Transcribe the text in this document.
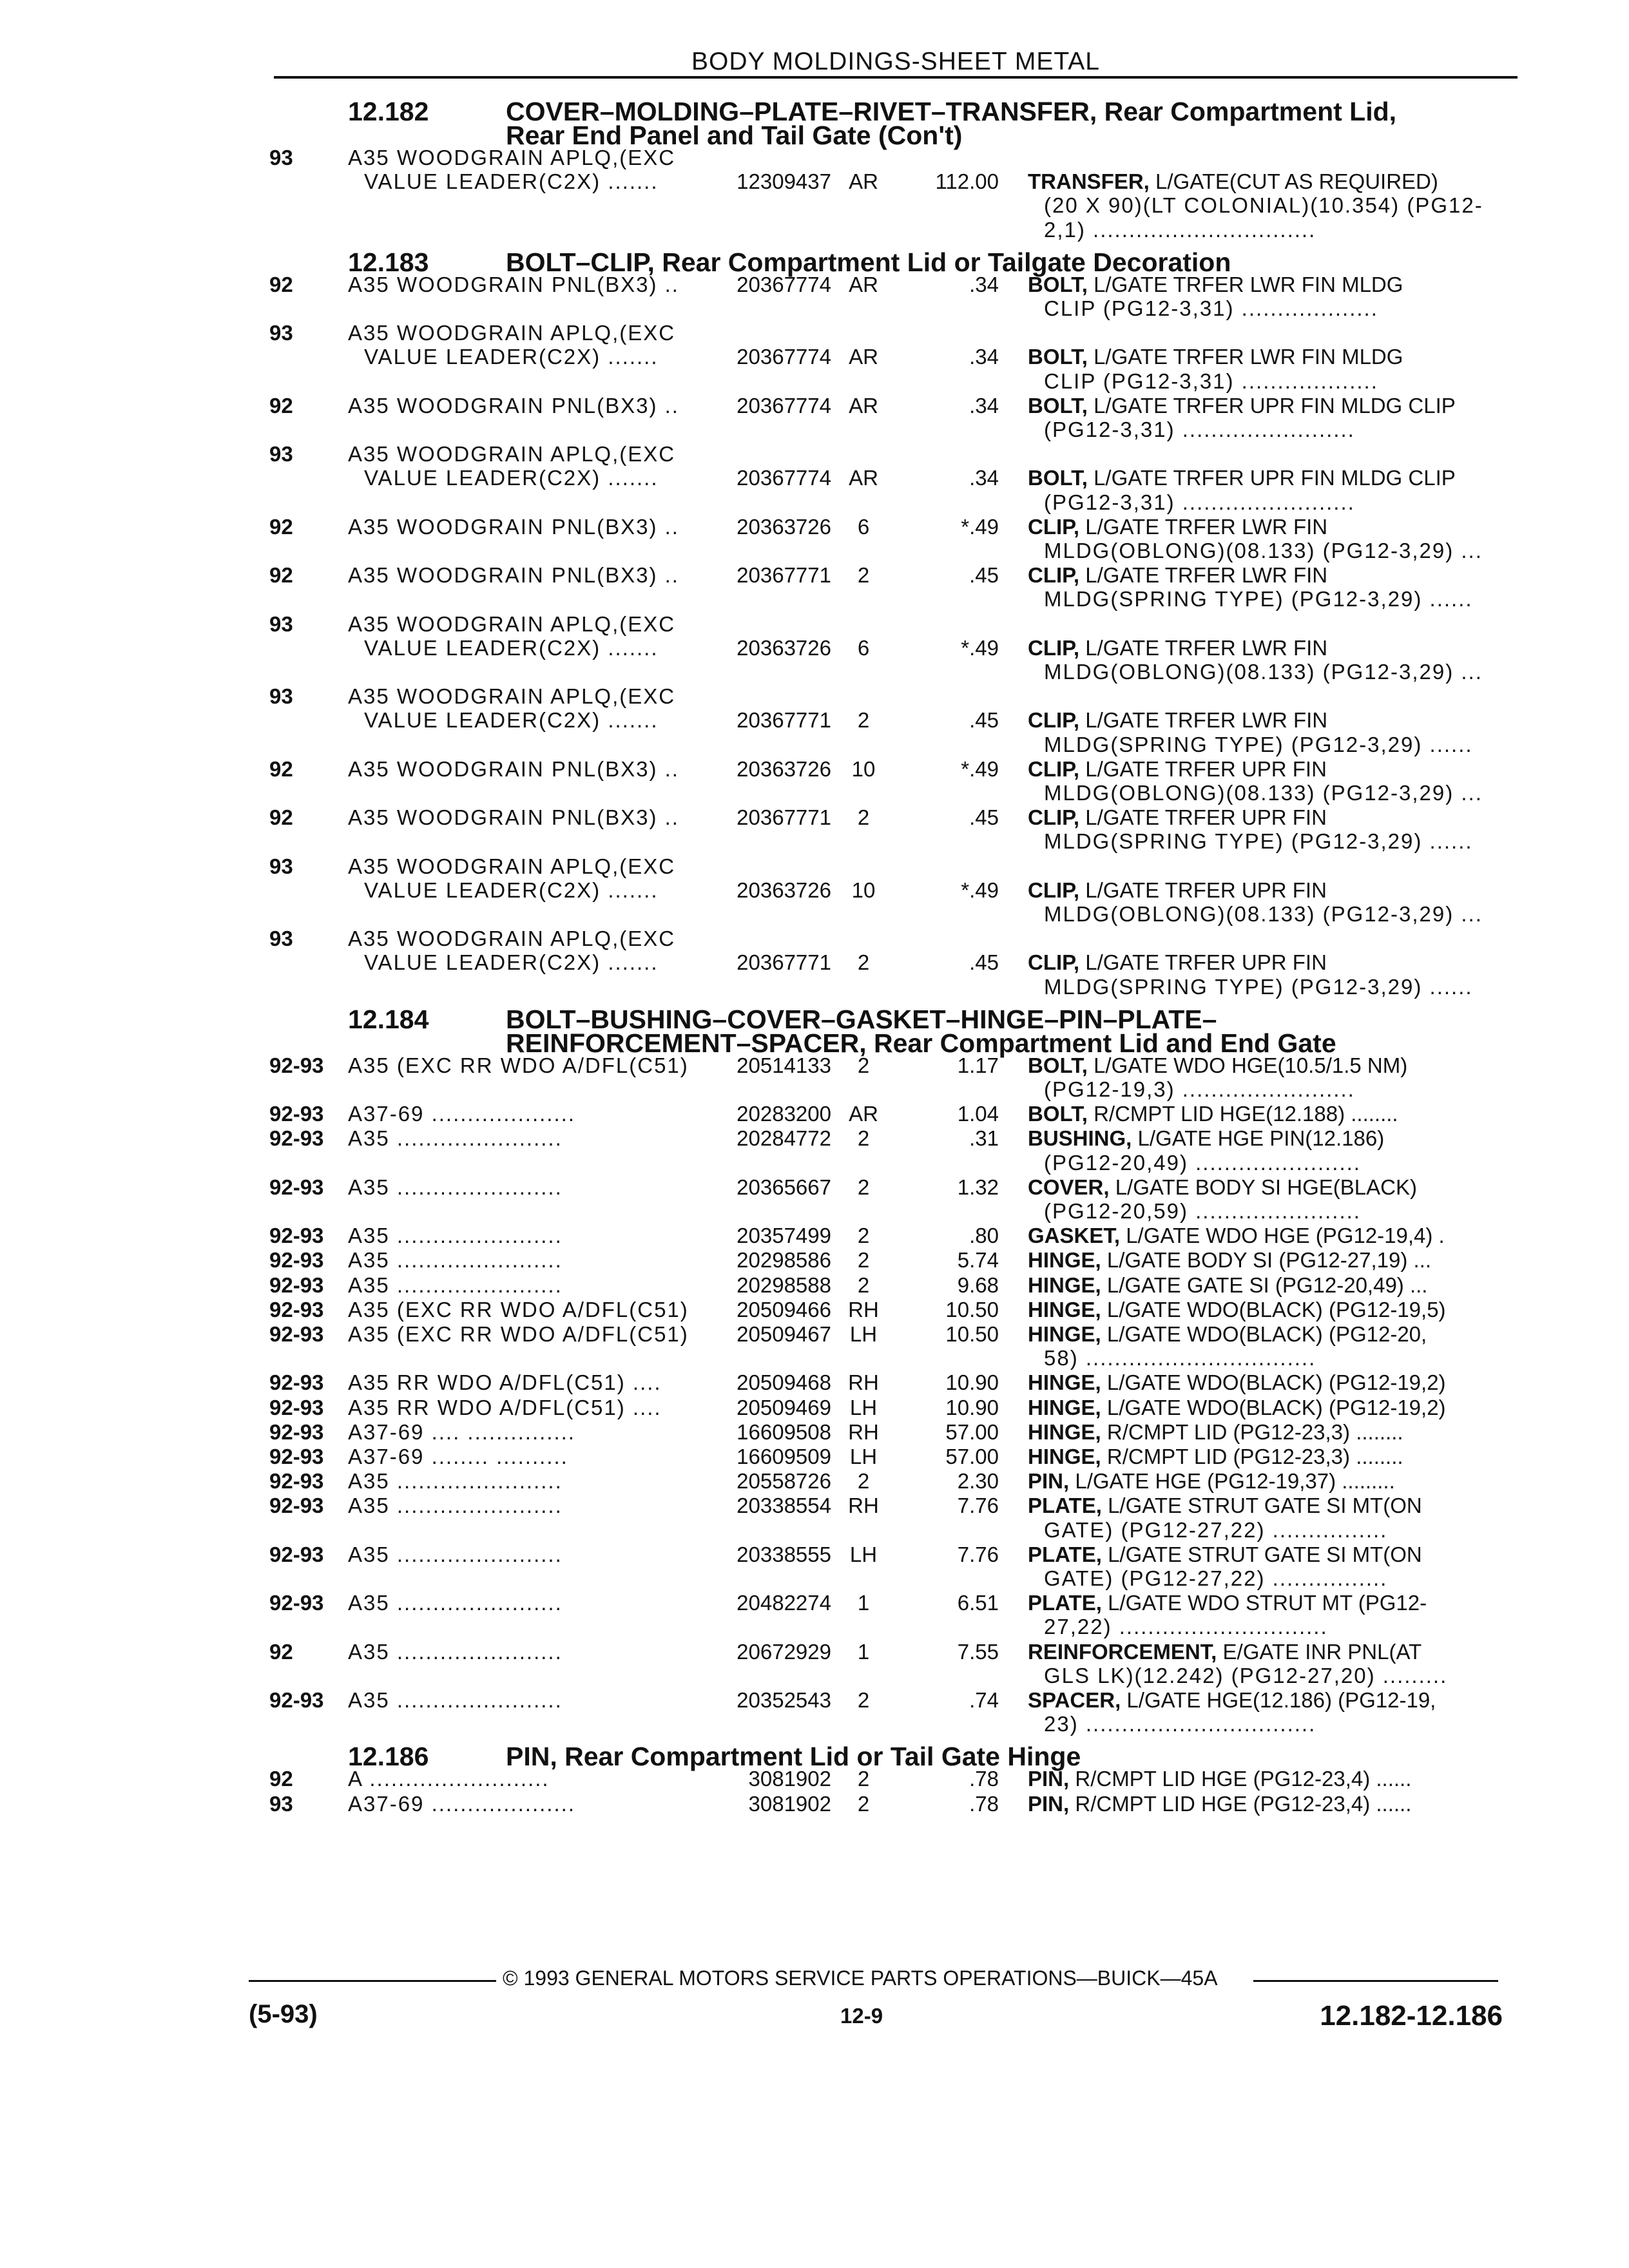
BODY MOLDINGS-SHEET METAL
12.182	COVER–MOLDING–PLATE–RIVET–TRANSFER, Rear Compartment Lid,
Rear End Panel and Tail Gate (Con't)
93	A35 WOODGRAIN APLQ,(EXC
VALUE LEADER(C2X) .......	12309437 AR	112.00 TRANSFER, L/GATE(CUT AS REQUIRED)
(20 X 90)(LT COLONIAL)(10.354) (PG12-
2,1) ...............................
12.183	BOLT–CLIP, Rear Compartment Lid or Tailgate Decoration
92	A35 WOODGRAIN PNL(BX3) ..	20367774 AR	.34 BOLT, L/GATE TRFER LWR FIN MLDG
CLIP (PG12-3,31) ...................
93	A35 WOODGRAIN APLQ,(EXC
VALUE LEADER(C2X) .......	20367774 AR	.34 BOLT, L/GATE TRFER LWR FIN MLDG
CLIP (PG12-3,31) ...................
92	A35 WOODGRAIN PNL(BX3) ..	20367774 AR	.34 BOLT, L/GATE TRFER UPR FIN MLDG CLIP
(PG12-3,31) ........................
93	A35 WOODGRAIN APLQ,(EXC
VALUE LEADER(C2X) .......	20367774 AR	.34 BOLT, L/GATE TRFER UPR FIN MLDG CLIP
(PG12-3,31) ........................
92	A35 WOODGRAIN PNL(BX3) ..	20363726	6	*.49 CLIP, L/GATE TRFER LWR FIN
MLDG(OBLONG)(08.133) (PG12-3,29) ...
92	A35 WOODGRAIN PNL(BX3) ..	20367771	2	.45 CLIP, L/GATE TRFER LWR FIN
MLDG(SPRING TYPE) (PG12-3,29) ......
93	A35 WOODGRAIN APLQ,(EXC
VALUE LEADER(C2X) .......	20363726	6	*.49 CLIP, L/GATE TRFER LWR FIN
MLDG(OBLONG)(08.133) (PG12-3,29) ...
93	A35 WOODGRAIN APLQ,(EXC
VALUE LEADER(C2X) .......	20367771	2	.45 CLIP, L/GATE TRFER LWR FIN
MLDG(SPRING TYPE) (PG12-3,29) ......
92	A35 WOODGRAIN PNL(BX3) ..	20363726 10	*.49 CLIP, L/GATE TRFER UPR FIN
MLDG(OBLONG)(08.133) (PG12-3,29) ...
92	A35 WOODGRAIN PNL(BX3) ..	20367771	2	.45 CLIP, L/GATE TRFER UPR FIN
MLDG(SPRING TYPE) (PG12-3,29) ......
93	A35 WOODGRAIN APLQ,(EXC
VALUE LEADER(C2X) .......	20363726 10	*.49 CLIP, L/GATE TRFER UPR FIN
MLDG(OBLONG)(08.133) (PG12-3,29) ...
93	A35 WOODGRAIN APLQ,(EXC
VALUE LEADER(C2X) .......	20367771	2	.45 CLIP, L/GATE TRFER UPR FIN
MLDG(SPRING TYPE) (PG12-3,29) ......
12.184	BOLT–BUSHING–COVER–GASKET–HINGE–PIN–PLATE–
REINFORCEMENT–SPACER, Rear Compartment Lid and End Gate
92-93	A35 (EXC RR WDO A/DFL(C51)	20514133	2	1.17 BOLT, L/GATE WDO HGE(10.5/1.5 NM)
(PG12-19,3) ........................
92-93	A37-69 ....................	20283200 AR	1.04 BOLT, R/CMPT LID HGE(12.188) ........
92-93	A35 .......................	20284772	2	.31 BUSHING, L/GATE HGE PIN(12.186)
(PG12-20,49) .......................
92-93	A35 .......................	20365667	2	1.32 COVER, L/GATE BODY SI HGE(BLACK)
(PG12-20,59) .......................
92-93	A35 .......................	20357499	2	.80 GASKET, L/GATE WDO HGE (PG12-19,4) .
92-93	A35 .......................	20298586	2	5.74 HINGE, L/GATE BODY SI (PG12-27,19) ...
92-93	A35 .......................	20298588	2	9.68 HINGE, L/GATE GATE SI (PG12-20,49) ...
92-93	A35 (EXC RR WDO A/DFL(C51)	20509466 RH	10.50 HINGE, L/GATE WDO(BLACK) (PG12-19,5)
92-93	A35 (EXC RR WDO A/DFL(C51)	20509467 LH	10.50 HINGE, L/GATE WDO(BLACK) (PG12-20,
58) ................................
92-93	A35 RR WDO A/DFL(C51) ....	20509468 RH	10.90 HINGE, L/GATE WDO(BLACK) (PG12-19,2)
92-93	A35 RR WDO A/DFL(C51) ....	20509469 LH	10.90 HINGE, L/GATE WDO(BLACK) (PG12-19,2)
92-93	A37-69 .... ...............	16609508 RH	57.00 HINGE, R/CMPT LID (PG12-23,3) ........
92-93	A37-69 ........ ..........	16609509 LH	57.00 HINGE, R/CMPT LID (PG12-23,3) ........
92-93	A35 .......................	20558726	2	2.30 PIN, L/GATE HGE (PG12-19,37) .........
92-93	A35 .......................	20338554 RH	7.76 PLATE, L/GATE STRUT GATE SI MT(ON
GATE) (PG12-27,22) ................
92-93	A35 .......................	20338555 LH	7.76 PLATE, L/GATE STRUT GATE SI MT(ON
GATE) (PG12-27,22) ................
92-93	A35 .......................	20482274	1	6.51 PLATE, L/GATE WDO STRUT MT (PG12-
27,22) .............................
92	A35 .......................	20672929	1	7.55 REINFORCEMENT, E/GATE INR PNL(AT
GLS LK)(12.242) (PG12-27,20) .........
92-93	A35 .......................	20352543	2	.74 SPACER, L/GATE HGE(12.186) (PG12-19,
23) ................................
12.186	PIN, Rear Compartment Lid or Tail Gate Hinge
92	A .........................	3081902	2	.78 PIN, R/CMPT LID HGE (PG12-23,4) ......
93	A37-69 ....................	3081902	2	.78 PIN, R/CMPT LID HGE (PG12-23,4) ......
© 1993 GENERAL MOTORS SERVICE PARTS OPERATIONS—BUICK—45A
(5-93)	12-9	12.182-12.186
